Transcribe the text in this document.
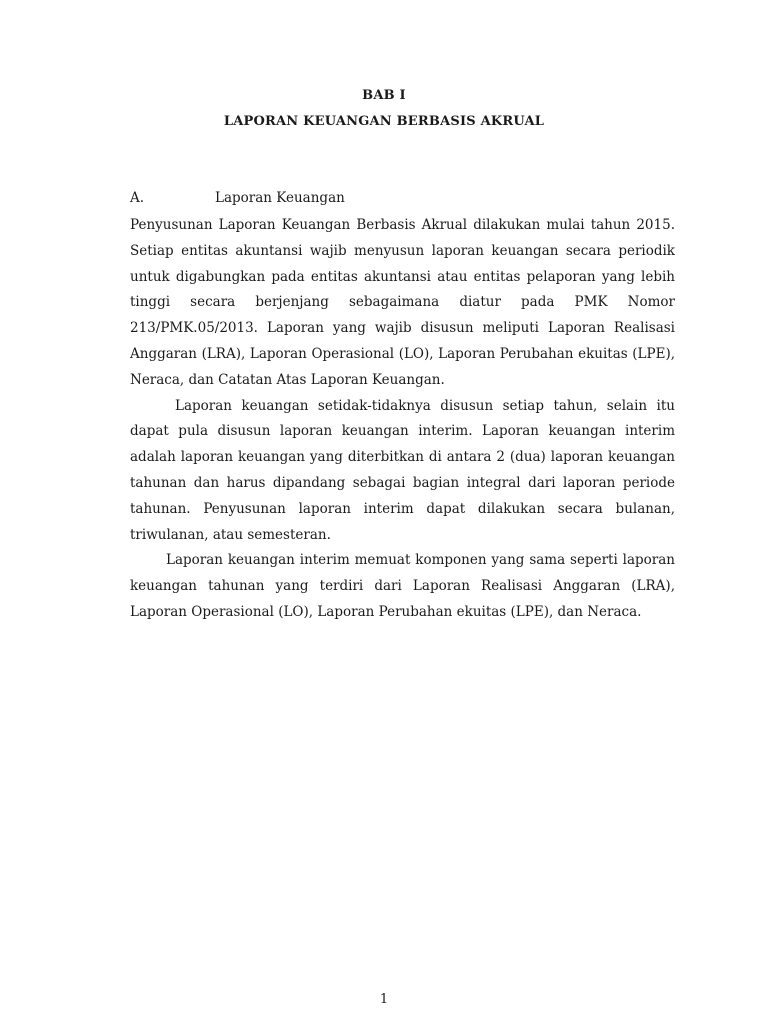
BAB I
LAPORAN KEUANGAN BERBASIS AKRUAL
A.	Laporan Keuangan

Penyusunan Laporan Keuangan Berbasis Akrual dilakukan mulai tahun 2015. Setiap entitas akuntansi wajib menyusun laporan keuangan secara periodik untuk digabungkan pada entitas akuntansi atau entitas pelaporan yang lebih tinggi secara berjenjang sebagaimana diatur pada PMK Nomor 213/PMK.05/2013. Laporan yang wajib disusun meliputi Laporan Realisasi Anggaran (LRA), Laporan Operasional (LO), Laporan Perubahan ekuitas (LPE), Neraca, dan Catatan Atas Laporan Keuangan.

Laporan keuangan setidak-tidaknya disusun setiap tahun, selain itu dapat pula disusun laporan keuangan interim. Laporan keuangan interim adalah laporan keuangan yang diterbitkan di antara 2 (dua) laporan keuangan tahunan dan harus dipandang sebagai bagian integral dari laporan periode tahunan. Penyusunan laporan interim dapat dilakukan secara bulanan, triwulanan, atau semesteran.

Laporan keuangan interim memuat komponen yang sama seperti laporan keuangan tahunan yang terdiri dari Laporan Realisasi Anggaran (LRA), Laporan Operasional (LO), Laporan Perubahan ekuitas (LPE), dan Neraca.

1
